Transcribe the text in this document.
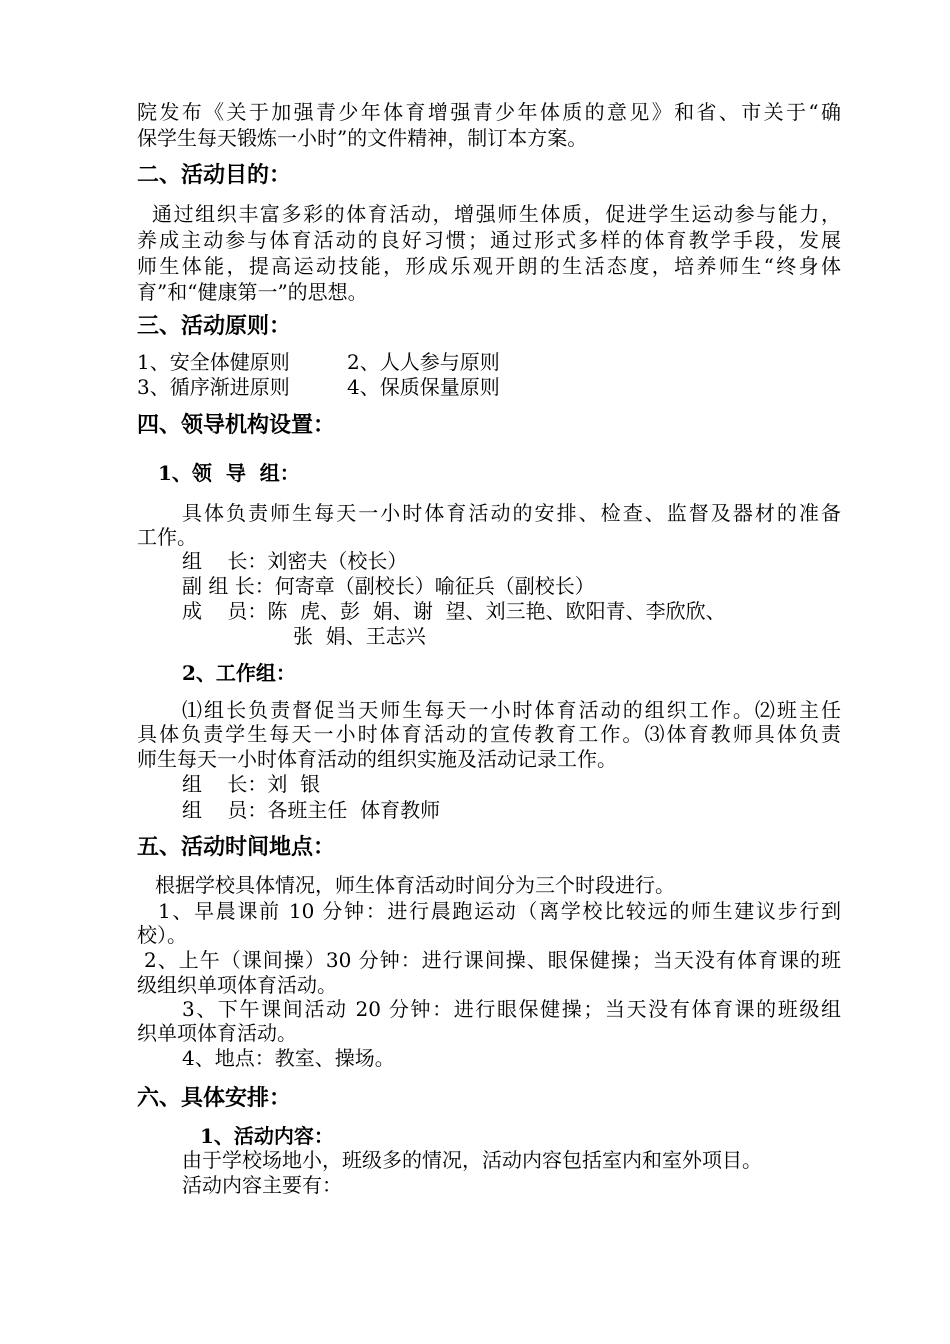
院发布《关于加强青少年体育增强青少年体质的意见》和省、市关于“确
保学生每天锻炼一小时”的文件精神，制订本方案。
二、活动目的：
通过组织丰富多彩的体育活动，增强师生体质，促进学生运动参与能力，
养成主动参与体育活动的良好习惯；通过形式多样的体育教学手段，发展
师生体能，提高运动技能，形成乐观开朗的生活态度，培养师生“终身体
育”和“健康第一”的思想。
三、活动原则：
1、安全体健原则	2、人人参与原则
3、循序渐进原则	4、保质保量原则
四、领导机构设置：
1、领  导  组：
具体负责师生每天一小时体育活动的安排、检查、监督及器材的准备
工作。
组    长：刘密夫（校长）
副 组 长：何寄章（副校长）喻征兵（副校长）
成    员：陈  虎、彭  娟、谢  望、刘三艳、欧阳青、李欣欣、
张  娟、王志兴
2、工作组：
⑴组长负责督促当天师生每天一小时体育活动的组织工作。⑵班主任
具体负责学生每天一小时体育活动的宣传教育工作。⑶体育教师具体负责
师生每天一小时体育活动的组织实施及活动记录工作。
组    长：刘  银
组    员：各班主任  体育教师
五、活动时间地点：
根据学校具体情况，师生体育活动时间分为三个时段进行。
1、早晨课前 10 分钟：进行晨跑运动（离学校比较远的师生建议步行到
校）。
2、上午（课间操）30 分钟：进行课间操、眼保健操；当天没有体育课的班
级组织单项体育活动。
3、下午课间活动 20 分钟：进行眼保健操；当天没有体育课的班级组
织单项体育活动。
4、地点：教室、操场。
六、具体安排：
1、活动内容：
由于学校场地小，班级多的情况，活动内容包括室内和室外项目。
活动内容主要有：
